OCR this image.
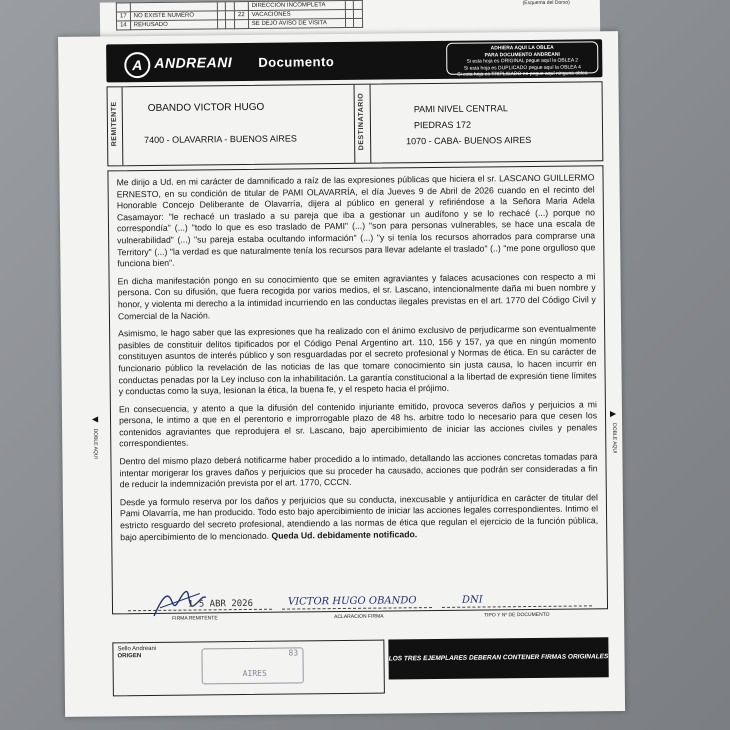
					DIRECCION INCOMPLETA		
17	NO EXISTE NUMERO			22	VACACIONES		
14	REHUSADO				SE DEJO AVISO DE VISITA		
(Esquema del Dorso)
A ANDREANI Documento
ADHIERA AQUI LA OBLEA
PARA DOCUMENTO ANDREANI
Si esta hoja es ORIGINAL pegue aquí la OBLEA 2
Si esta hoja es DUPLICADO pegue aquí la OBLEA 4
Si esta hoja es TRIPLICADO no pegue aquí ninguna oblea
REMITENTE	OBANDO VICTOR HUGO
7400 - OLAVARRIA - BUENOS AIRES	DESTINATARIO	PAMI NIVEL CENTRAL
PIEDRAS 172
1070 - CABA- BUENOS AIRES
◀
DOBLE AQUI
▶
DOBLE AQUI

Me dirijo a Ud. en mi carácter de damnificado a raíz de las expresiones públicas que hiciera el sr. LASCANO GUILLERMO ERNESTO, en su condición de titular de PAMI OLAVARRÍA, el día Jueves 9 de Abril de 2026 cuando en el recinto del Honorable Concejo Deliberante de Olavarría, dijera al público en general y refiriéndose a la Señora Maria Adela Casamayor: "le rechacé un traslado a su pareja que iba a gestionar un audífono y se lo rechacé (...) porque no correspondía" (...) "todo lo que es eso traslado de PAMI" (...) "son para personas vulnerables, se hace una escala de vulnerabilidad" (...) "su pareja estaba ocultando información" (...) "y si tenía los recursos ahorrados para comprarse una Territory" (...) "la verdad es que naturalmente tenía los recursos para llevar adelante el traslado" (..) "me pone orgulloso que funciona bien".

En dicha manifestación pongo en su conocimiento que se emiten agraviantes y falaces acusaciones con respecto a mi persona. Con su difusión, que fuera recogida por varios medios, el sr. Lascano, intencionalmente daña mi buen nombre y honor, y violenta mi derecho a la intimidad incurriendo en las conductas ilegales previstas en el art. 1770 del Código Civil y Comercial de la Nación.

Asimismo, le hago saber que las expresiones que ha realizado con el ánimo exclusivo de perjudicarme son eventualmente pasibles de constituir delitos tipificados por el Código Penal Argentino art. 110, 156 y 157, ya que en ningún momento constituyen asuntos de interés público y son resguardadas por el secreto profesional y Normas de ética. En su carácter de funcionario público la revelación de las noticias de las que tomare conocimiento sin justa causa, lo hacen incurrir en conductas penadas por la Ley incluso con la inhabilitación. La garantía constitucional a la libertad de expresión tiene límites y conductas como la suya, lesionan la ética, la buena fe, y el respeto hacia el prójimo.

En consecuencia, y atento a que la difusión del contenido injuriante emitido, provoca severos daños y perjuicios a mi persona, le intimo a que en el perentorio e improrrogable plazo de 48 hs. arbitre todo lo necesario para que cesen los contenidos agraviantes que reprodujera el sr. Lascano, bajo apercibimiento de iniciar las acciones civiles y penales correspondientes.

Dentro del mismo plazo deberá notificarme haber procedido a lo intimado, detallando las acciones concretas tomadas para intentar morigerar los graves daños y perjuicios que su proceder ha causado, acciones que podrán ser consideradas a fin de reducir la indemnización prevista por el art. 1770, CCCN.

Desde ya formulo reserva por los daños y perjuicios que su conducta, inexcusable y antijurídica en carácter de titular del Pami Olavarría, me han producido. Todo esto bajo apercibimiento de iniciar las acciones legales correspondientes. Intimo el estricto resguardo del secreto profesional, atendiendo a las normas de ética que regulan el ejercicio de la función pública, bajo apercibimiento de lo mencionado. Queda Ud. debidamente notificado.

1 5 ABR 2026	VICTOR HUGO OBANDO	DNI
FIRMA REMITENTE	ACLARACION FIRMA	TIPO Y Nº DE DOCUMENTO
Sello Andreani
ORIGEN
AIRES
83
LOS TRES EJEMPLARES DEBERAN CONTENER FIRMAS ORIGINALES
